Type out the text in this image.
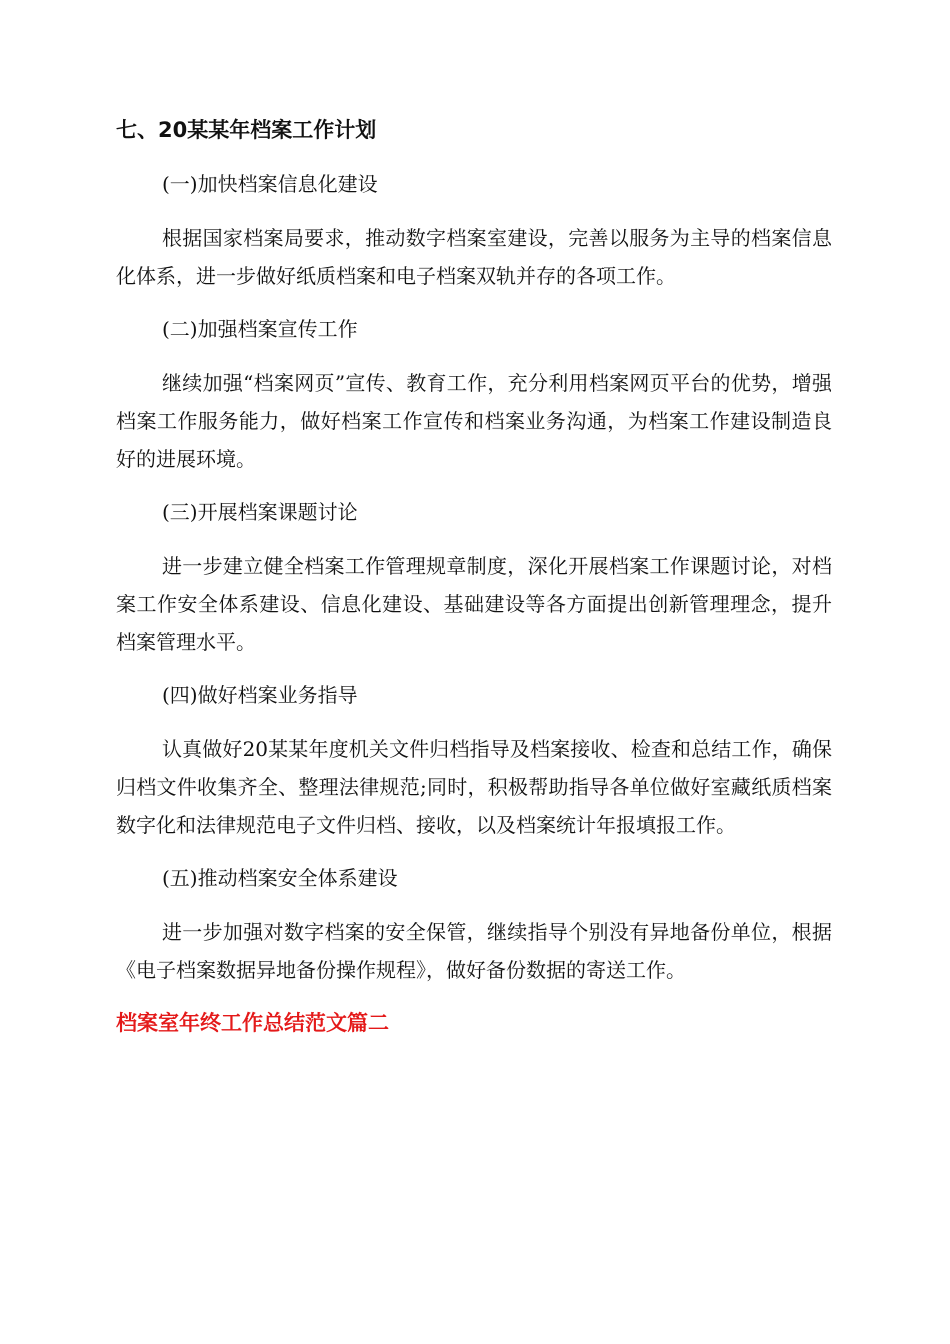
七、20某某年档案工作计划
(一)加快档案信息化建设

根据国家档案局要求，推动数字档案室建设，完善以服务为主导的档案信息化体系，进一步做好纸质档案和电子档案双轨并存的各项工作。

(二)加强档案宣传工作

继续加强“档案网页”宣传、教育工作，充分利用档案网页平台的优势，增强档案工作服务能力，做好档案工作宣传和档案业务沟通，为档案工作建设制造良好的进展环境。

(三)开展档案课题讨论

进一步建立健全档案工作管理规章制度，深化开展档案工作课题讨论，对档案工作安全体系建设、信息化建设、基础建设等各方面提出创新管理理念，提升档案管理水平。

(四)做好档案业务指导

认真做好20某某年度机关文件归档指导及档案接收、检查和总结工作，确保归档文件收集齐全、整理法律规范;同时，积极帮助指导各单位做好室藏纸质档案数字化和法律规范电子文件归档、接收，以及档案统计年报填报工作。

(五)推动档案安全体系建设

进一步加强对数字档案的安全保管，继续指导个别没有异地备份单位，根据《电子档案数据异地备份操作规程》，做好备份数据的寄送工作。

档案室年终工作总结范文篇二
